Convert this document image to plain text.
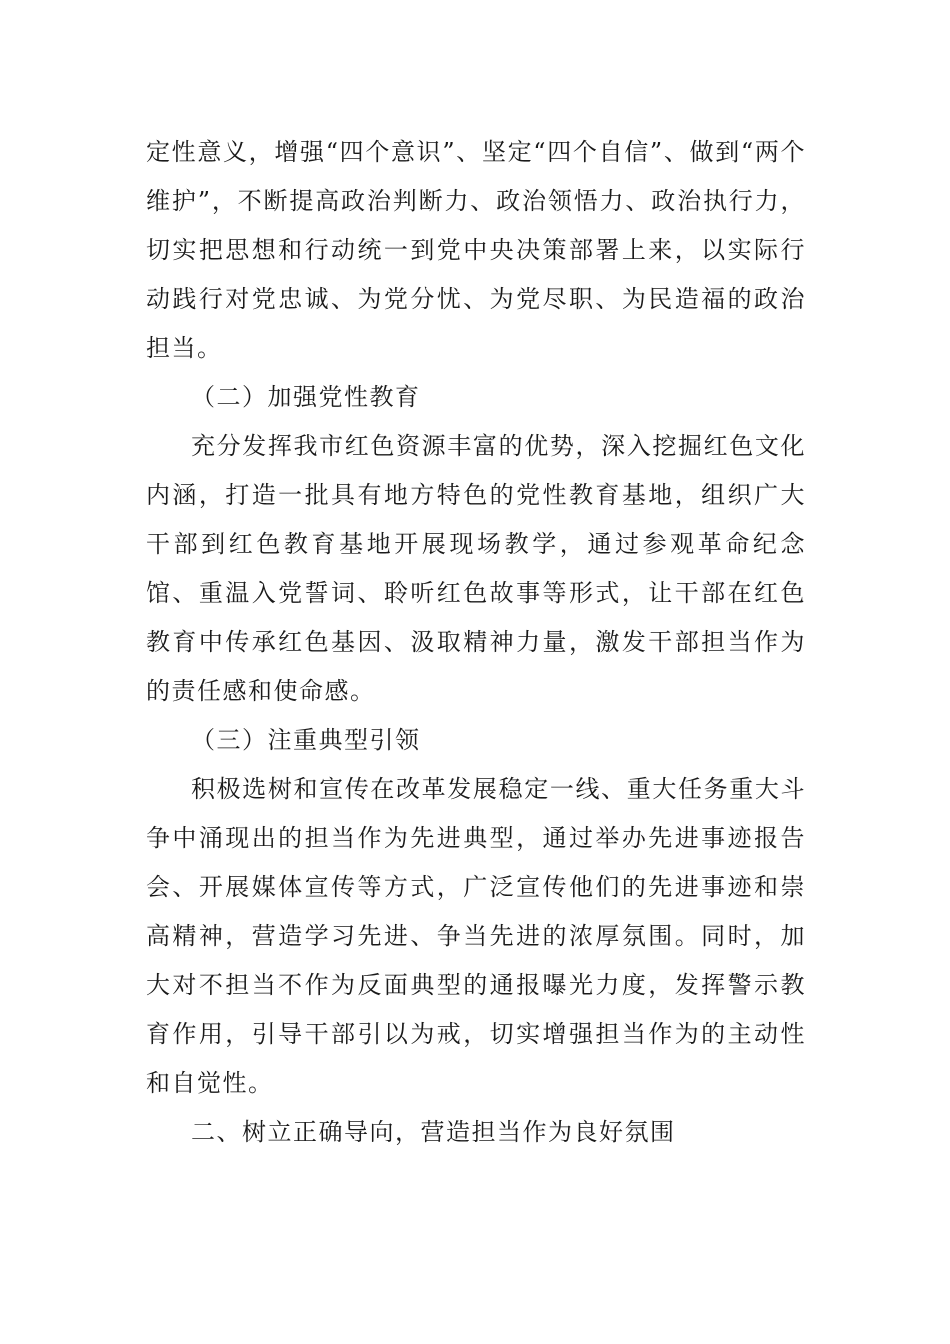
定性意义，增强“四个意识”、坚定“四个自信”、做到“两个维护”，不断提高政治判断力、政治领悟力、政治执行力，切实把思想和行动统一到党中央决策部署上来，以实际行动践行对党忠诚、为党分忧、为党尽职、为民造福的政治担当。

（二）加强党性教育

充分发挥我市红色资源丰富的优势，深入挖掘红色文化内涵，打造一批具有地方特色的党性教育基地，组织广大干部到红色教育基地开展现场教学，通过参观革命纪念馆、重温入党誓词、聆听红色故事等形式，让干部在红色教育中传承红色基因、汲取精神力量，激发干部担当作为的责任感和使命感。

（三）注重典型引领

积极选树和宣传在改革发展稳定一线、重大任务重大斗争中涌现出的担当作为先进典型，通过举办先进事迹报告会、开展媒体宣传等方式，广泛宣传他们的先进事迹和崇高精神，营造学习先进、争当先进的浓厚氛围。同时，加大对不担当不作为反面典型的通报曝光力度，发挥警示教育作用，引导干部引以为戒，切实增强担当作为的主动性和自觉性。

二、树立正确导向，营造担当作为良好氛围
